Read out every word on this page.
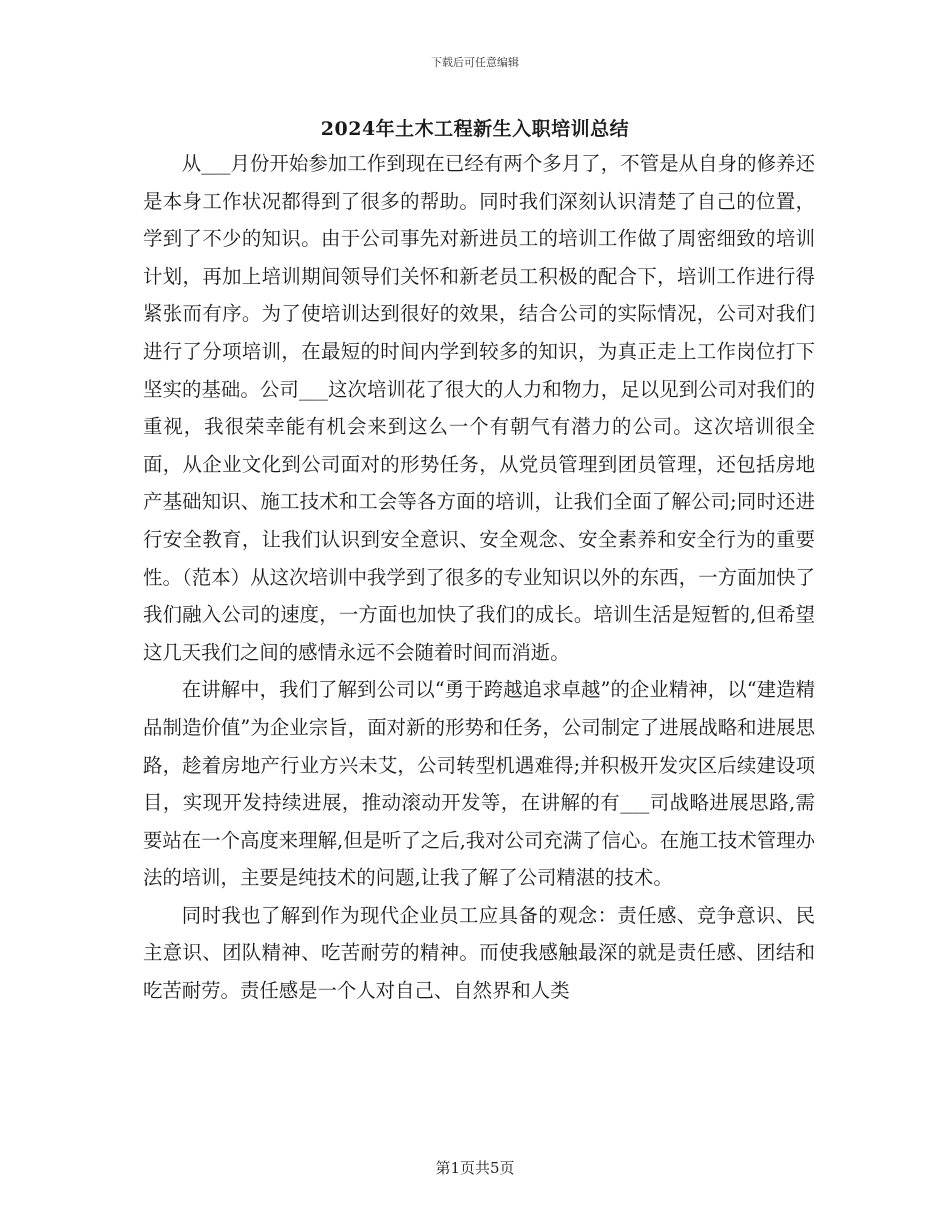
下载后可任意编辑
2024年土木工程新生入职培训总结

从___月份开始参加工作到现在已经有两个多月了，不管是从自身的修养还是本身工作状况都得到了很多的帮助。同时我们深刻认识清楚了自己的位置，学到了不少的知识。由于公司事先对新进员工的培训工作做了周密细致的培训计划，再加上培训期间领导们关怀和新老员工积极的配合下，培训工作进行得紧张而有序。为了使培训达到很好的效果，结合公司的实际情况，公司对我们进行了分项培训，在最短的时间内学到较多的知识，为真正走上工作岗位打下坚实的基础。公司___这次培训花了很大的人力和物力，足以见到公司对我们的重视，我很荣幸能有机会来到这么一个有朝气有潜力的公司。这次培训很全面，从企业文化到公司面对的形势任务，从党员管理到团员管理，还包括房地产基础知识、施工技术和工会等各方面的培训，让我们全面了解公司;同时还进行安全教育，让我们认识到安全意识、安全观念、安全素养和安全行为的重要性。（范本）从这次培训中我学到了很多的专业知识以外的东西，一方面加快了我们融入公司的速度，一方面也加快了我们的成长。培训生活是短暂的,但希望这几天我们之间的感情永远不会随着时间而消逝。

在讲解中，我们了解到公司以“勇于跨越追求卓越”的企业精神，以“建造精品制造价值”为企业宗旨，面对新的形势和任务，公司制定了进展战略和进展思路，趁着房地产行业方兴未艾，公司转型机遇难得;并积极开发灾区后续建设项目，实现开发持续进展，推动滚动开发等，在讲解的有___司战略进展思路,需要站在一个高度来理解,但是听了之后,我对公司充满了信心。在施工技术管理办法的培训，主要是纯技术的问题,让我了解了公司精湛的技术。

同时我也了解到作为现代企业员工应具备的观念：责任感、竞争意识、民主意识、团队精神、吃苦耐劳的精神。而使我感触最深的就是责任感、团结和吃苦耐劳。责任感是一个人对自己、自然界和人类

第1页共5页
